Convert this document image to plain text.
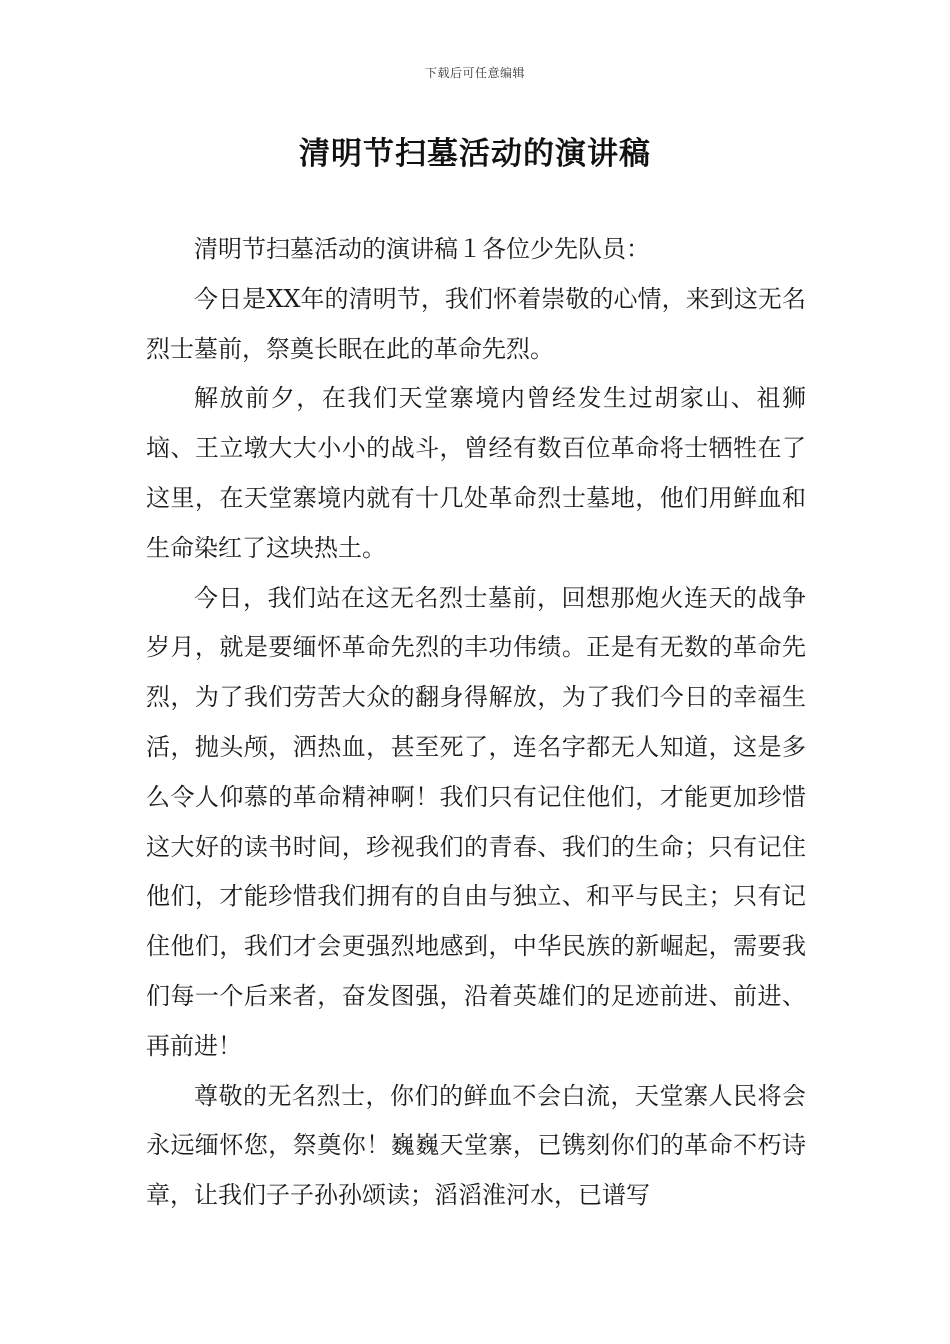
下载后可任意编辑
清明节扫墓活动的演讲稿

清明节扫墓活动的演讲稿１各位少先队员：

今日是XX年的清明节，我们怀着崇敬的心情，来到这无名烈士墓前，祭奠长眠在此的革命先烈。

解放前夕，在我们天堂寨境内曾经发生过胡家山、祖狮垴、王立墩大大小小的战斗，曾经有数百位革命将士牺牲在了这里，在天堂寨境内就有十几处革命烈士墓地，他们用鲜血和生命染红了这块热土。

今日，我们站在这无名烈士墓前，回想那炮火连天的战争岁月，就是要缅怀革命先烈的丰功伟绩。正是有无数的革命先烈，为了我们劳苦大众的翻身得解放，为了我们今日的幸福生活，抛头颅，洒热血，甚至死了，连名字都无人知道，这是多么令人仰慕的革命精神啊！我们只有记住他们，才能更加珍惜这大好的读书时间，珍视我们的青春、我们的生命；只有记住他们，才能珍惜我们拥有的自由与独立、和平与民主；只有记住他们，我们才会更强烈地感到，中华民族的新崛起，需要我们每一个后来者，奋发图强，沿着英雄们的足迹前进、前进、再前进！

尊敬的无名烈士，你们的鲜血不会白流，天堂寨人民将会永远缅怀您，祭奠你！巍巍天堂寨，已镌刻你们的革命不朽诗章，让我们子子孙孙颂读；滔滔淮河水，已谱写
